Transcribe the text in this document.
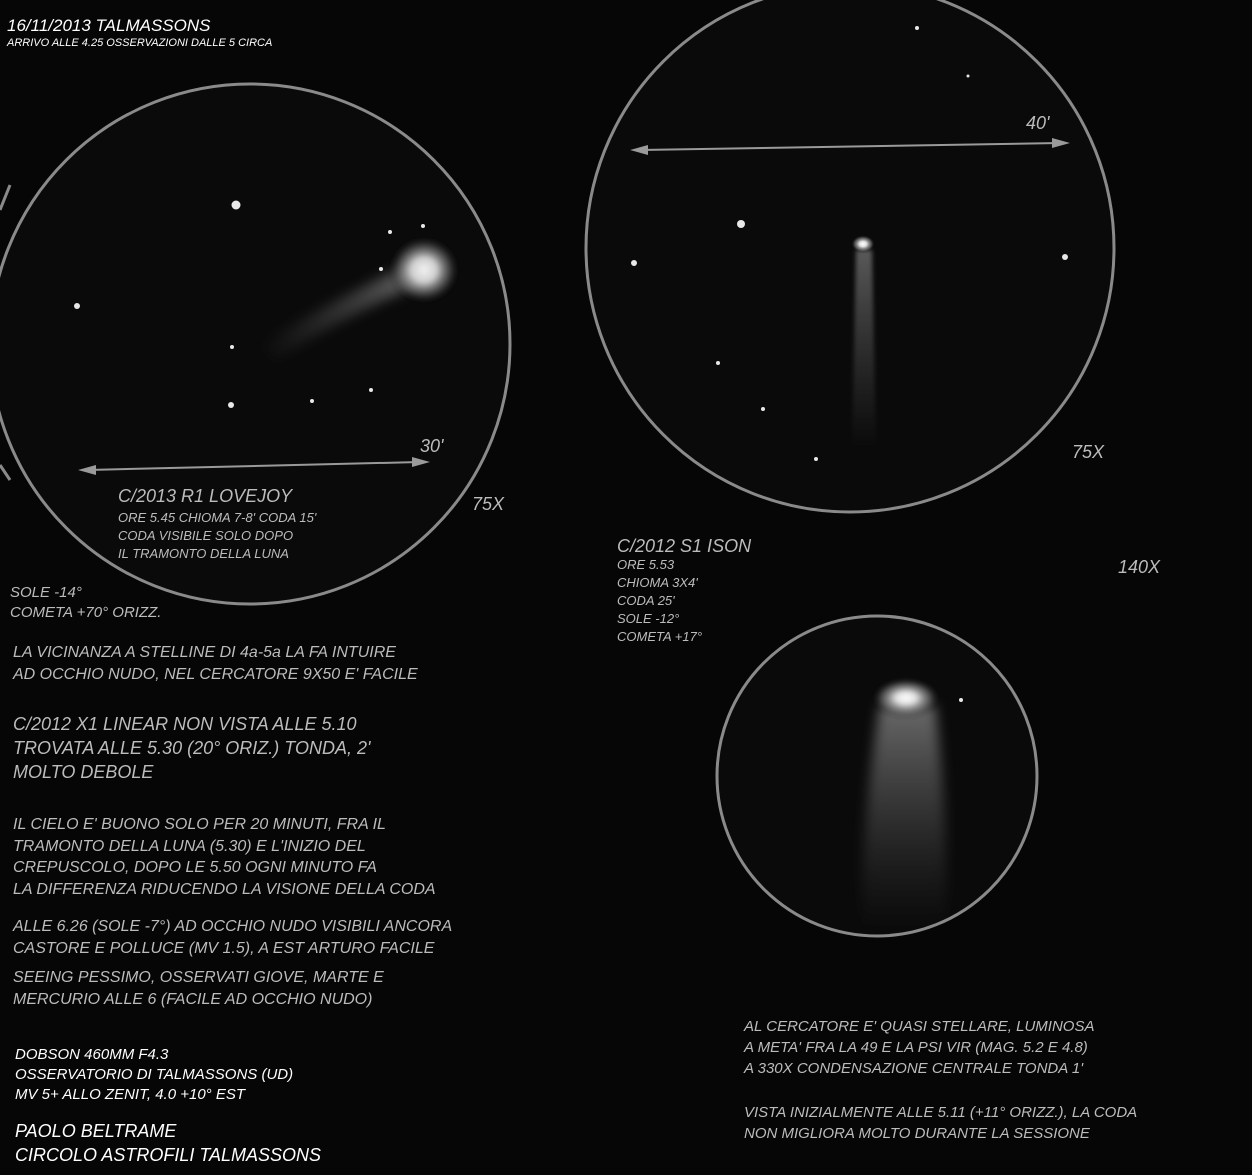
16/11/2013 TALMASSONS
ARRIVO ALLE 4.25 OSSERVAZIONI DALLE 5 CIRCA
30'
75X
C/2013 R1 LOVEJOY
ORE 5.45 CHIOMA 7-8' CODA 15'
CODA VISIBILE SOLO DOPO
IL TRAMONTO DELLA LUNA
SOLE -14°
COMETA +70° ORIZZ.
40'
75X
C/2012 S1 ISON
ORE 5.53
CHIOMA 3X4'
CODA 25'
SOLE -12°
COMETA +17°
140X
LA VICINANZA A STELLINE DI 4a-5a LA FA INTUIRE
AD OCCHIO NUDO, NEL CERCATORE 9X50 E' FACILE
C/2012 X1 LINEAR NON VISTA ALLE 5.10
TROVATA ALLE 5.30 (20° ORIZ.) TONDA, 2'
MOLTO DEBOLE
IL CIELO E' BUONO SOLO PER 20 MINUTI, FRA IL
TRAMONTO DELLA LUNA (5.30) E L'INIZIO DEL
CREPUSCOLO, DOPO LE 5.50 OGNI MINUTO FA
LA DIFFERENZA RIDUCENDO LA VISIONE DELLA CODA
ALLE 6.26 (SOLE -7°) AD OCCHIO NUDO VISIBILI ANCORA
CASTORE E POLLUCE (MV 1.5), A EST ARTURO FACILE
SEEING PESSIMO, OSSERVATI GIOVE, MARTE E
MERCURIO ALLE 6 (FACILE AD OCCHIO NUDO)
DOBSON 460MM F4.3
OSSERVATORIO DI TALMASSONS (UD)
MV 5+ ALLO ZENIT, 4.0 +10° EST
PAOLO BELTRAME
CIRCOLO ASTROFILI TALMASSONS
AL CERCATORE E' QUASI STELLARE, LUMINOSA
A META' FRA LA 49 E LA PSI VIR (MAG. 5.2 E 4.8)
A 330X CONDENSAZIONE CENTRALE TONDA 1'
VISTA INIZIALMENTE ALLE 5.11 (+11° ORIZZ.), LA CODA
NON MIGLIORA MOLTO DURANTE LA SESSIONE
